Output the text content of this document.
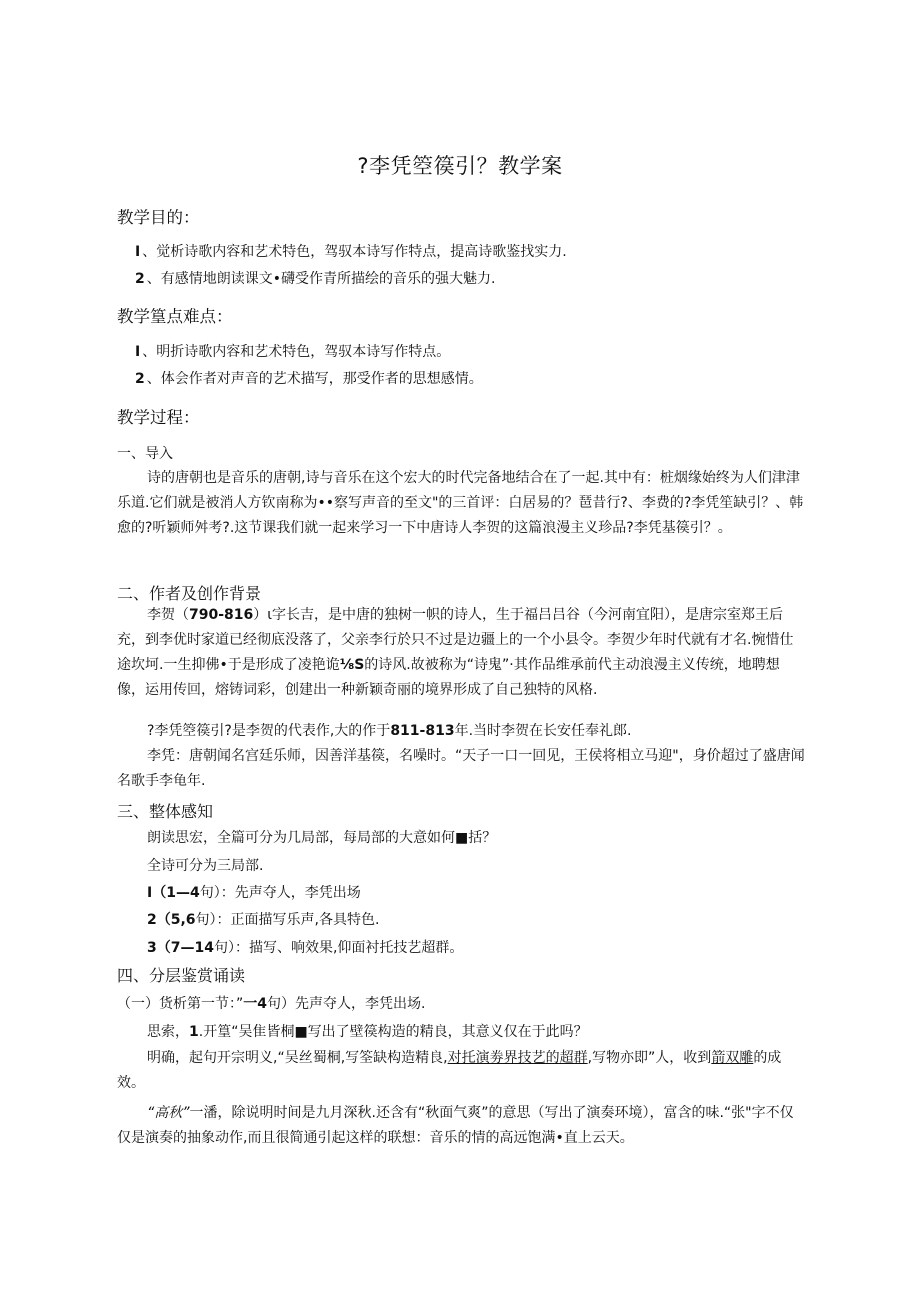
?李凭箜篌引？教学案
教学目的：
I 、觉析诗歌内容和艺术特色，驾驭本诗写作特点，提高诗歌鉴找实力.
2 、有感情地朗读课文•礴受作青所描绘的音乐的强大魅力.
教学篁点难点：
I 、明折诗歌内容和艺术特色，驾驭本诗写作特点。
2 、体会作者对声音的艺术描写，那受作者的思想感情。
教学过程：
一、导入
诗的唐朝也是音乐的唐朝,诗与音乐在这个宏大的时代完备地结合在了一起.其中有：桩烟缘始终为人们津津乐道.它们就是被消人方钦南称为••察写声音的至文"的三首评：白居易的？琶昔行?、李费的?李凭笙缺引？、韩愈的?听颖师舛考?.这节课我们就一起来学习一下中唐诗人李贺的这篇浪漫主义珍品?李凭基篌引？。
二、作者及创作背景
李贺（790-816）ι字长吉，是中唐的独树一帜的诗人，生于福吕吕谷（今河南宜阳），是唐宗室郑王后充，到李优时家道已经彻底没落了，父亲李行於只不过是边疆上的一个小县令。李贺少年时代就有才名.惋惜仕途坎坷.一生抑佛•于是形成了凌艳诡⅛S的诗风.故被称为“诗鬼”·其作品维承前代主动浪漫主义传统，地聘想像，运用传回，熔铸词彩，创建出一种新颖奇丽的境界形成了自己独特的风格.
?李凭箜篌引?是李贺的代表作,大的作于811-813年.当时李贺在长安任奉礼郎.
李凭：唐朝闻名宫廷乐师，因善洋基篌，名噪时。“天子一口一回见，王侯将相立马迎"，身价超过了盛唐闻名歌手李龟年.
三、整体感知
朗读思宏，全篇可分为几局部，每局部的大意如何■括？
全诗可分为三局部.
I（1—4句）：先声夺人，李凭出场
2（5,6句）：正面描写乐声,各具特色.
3（7—14句）：描写、响效果,仰面衬托技艺超群。
四、分层鉴赏诵读
（一）货析第一节：”一4句）先声夺人，李凭出场.
思索，1.开篁“吴隹皆桐■写出了壁篌构造的精良，其意义仅在于此吗？
明确，起句开宗明义,“吴丝蜀桐,写筌缺构造精良,对托演劵界技艺的超群,写物亦即”人，收到箭双雕的成效。
“高秋”一潘，除说明时间是九月深秋.还含有“秋面气爽”的意思（写出了演奏环境），富含的味.“张"字不仅仅是演奏的抽象动作,而且很简通引起这样的联想：音乐的情的高远饱满•直上云天。
